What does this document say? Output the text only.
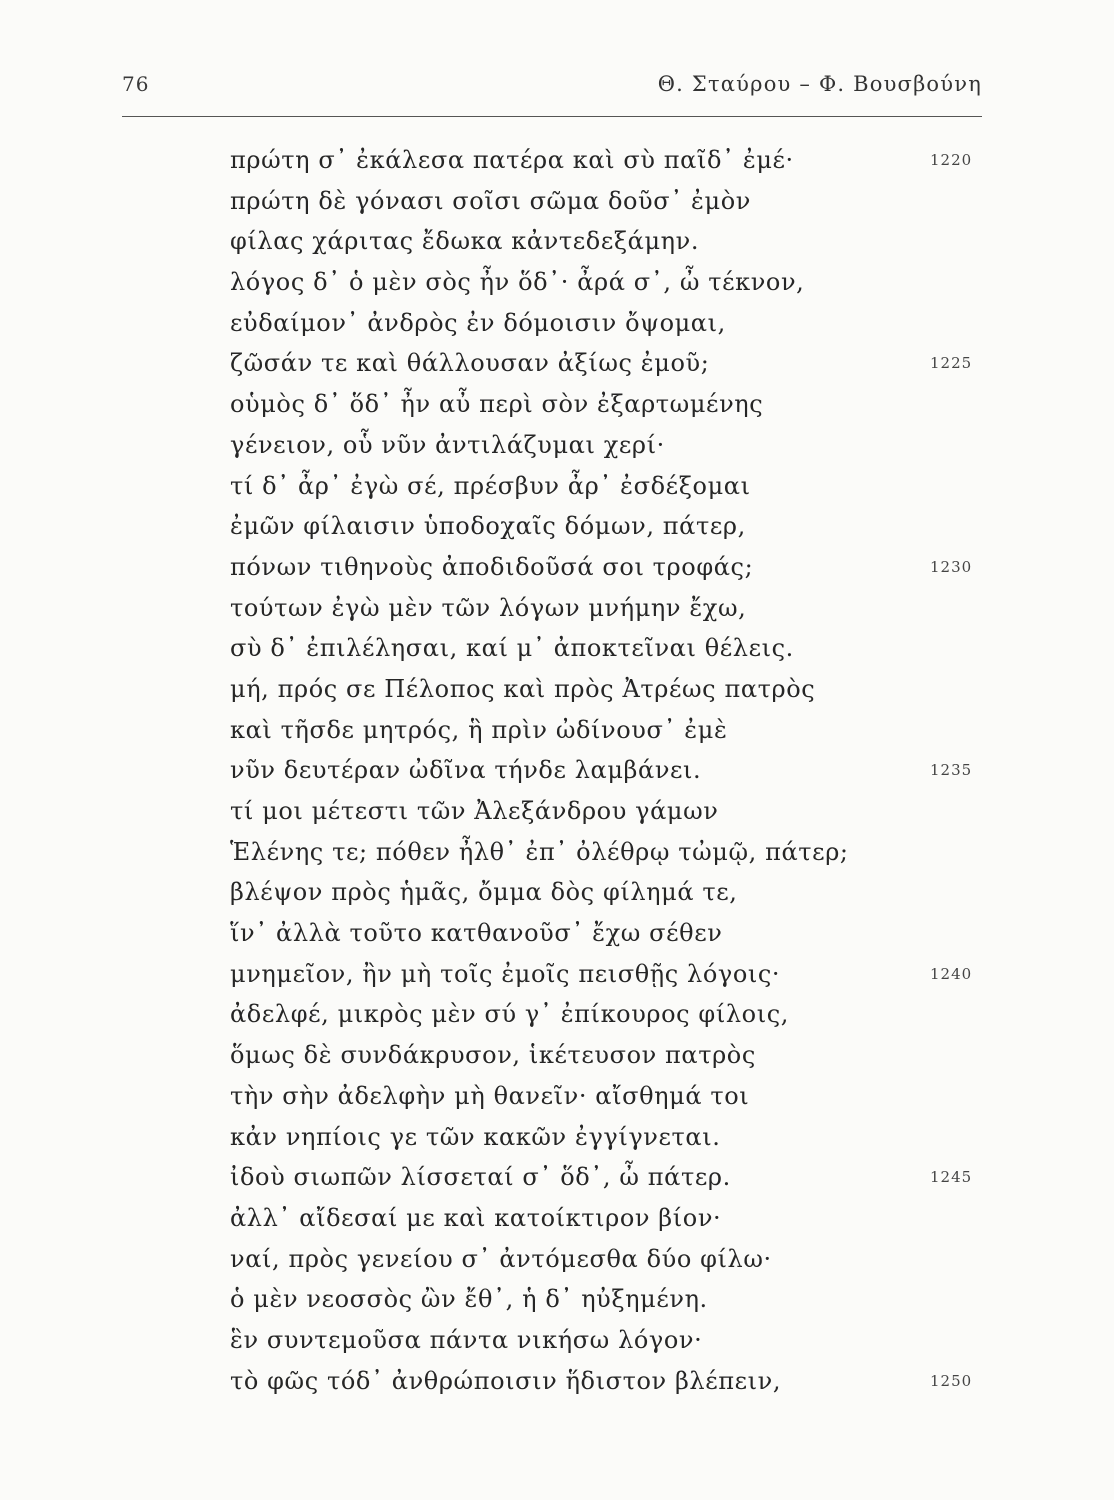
76	Θ. Σταύρου – Φ. Βουσβούνη
πρώτη σ᾽ ἐκάλεσα πατέρα καὶ σὺ παῖδ᾽ ἐμέ·	1220
πρώτη δὲ γόνασι σοῖσι σῶμα δοῦσ᾽ ἐμὸν
φίλας χάριτας ἔδωκα κἀντεδεξάμην.
λόγος δ᾽ ὁ μὲν σὸς ἦν ὅδ᾽· ἆρά σ᾽, ὦ τέκνον,
εὐδαίμον᾽ ἀνδρὸς ἐν δόμοισιν ὄψομαι,
ζῶσάν τε καὶ θάλλουσαν ἀξίως ἐμοῦ;	1225
οὑμὸς δ᾽ ὅδ᾽ ἦν αὖ περὶ σὸν ἐξαρτωμένης
γένειον, οὗ νῦν ἀντιλάζυμαι χερί·
τί δ᾽ ἆρ᾽ ἐγὼ σέ, πρέσβυν ἆρ᾽ ἐσδέξομαι
ἐμῶν φίλαισιν ὑποδοχαῖς δόμων, πάτερ,
πόνων τιθηνοὺς ἀποδιδοῦσά σοι τροφάς;	1230
τούτων ἐγὼ μὲν τῶν λόγων μνήμην ἔχω,
σὺ δ᾽ ἐπιλέλησαι, καί μ᾽ ἀποκτεῖναι θέλεις.
μή, πρός σε Πέλοπος καὶ πρὸς Ἀτρέως πατρὸς
καὶ τῆσδε μητρός, ἣ πρὶν ὠδίνουσ᾽ ἐμὲ
νῦν δευτέραν ὠδῖνα τήνδε λαμβάνει.	1235
τί μοι μέτεστι τῶν Ἀλεξάνδρου γάμων
Ἑλένης τε; πόθεν ἦλθ᾽ ἐπ᾽ ὀλέθρῳ τὠμῷ, πάτερ;
βλέψον πρὸς ἡμᾶς, ὄμμα δὸς φίλημά τε,
ἵν᾽ ἀλλὰ τοῦτο κατθανοῦσ᾽ ἔχω σέθεν
μνημεῖον, ἢν μὴ τοῖς ἐμοῖς πεισθῇς λόγοις·	1240
ἀδελφέ, μικρὸς μὲν σύ γ᾽ ἐπίκουρος φίλοις,
ὅμως δὲ συνδάκρυσον, ἱκέτευσον πατρὸς
τὴν σὴν ἀδελφὴν μὴ θανεῖν· αἴσθημά τοι
κἀν νηπίοις γε τῶν κακῶν ἐγγίγνεται.
ἰδοὺ σιωπῶν λίσσεταί σ᾽ ὅδ᾽, ὦ πάτερ.	1245
ἀλλ᾽ αἴδεσαί με καὶ κατοίκτιρον βίον·
ναί, πρὸς γενείου σ᾽ ἀντόμεσθα δύο φίλω·
ὁ μὲν νεοσσὸς ὢν ἔθ᾽, ἡ δ᾽ ηὐξημένη.
ἓν συντεμοῦσα πάντα νικήσω λόγον·
τὸ φῶς τόδ᾽ ἀνθρώποισιν ἥδιστον βλέπειν,	1250
